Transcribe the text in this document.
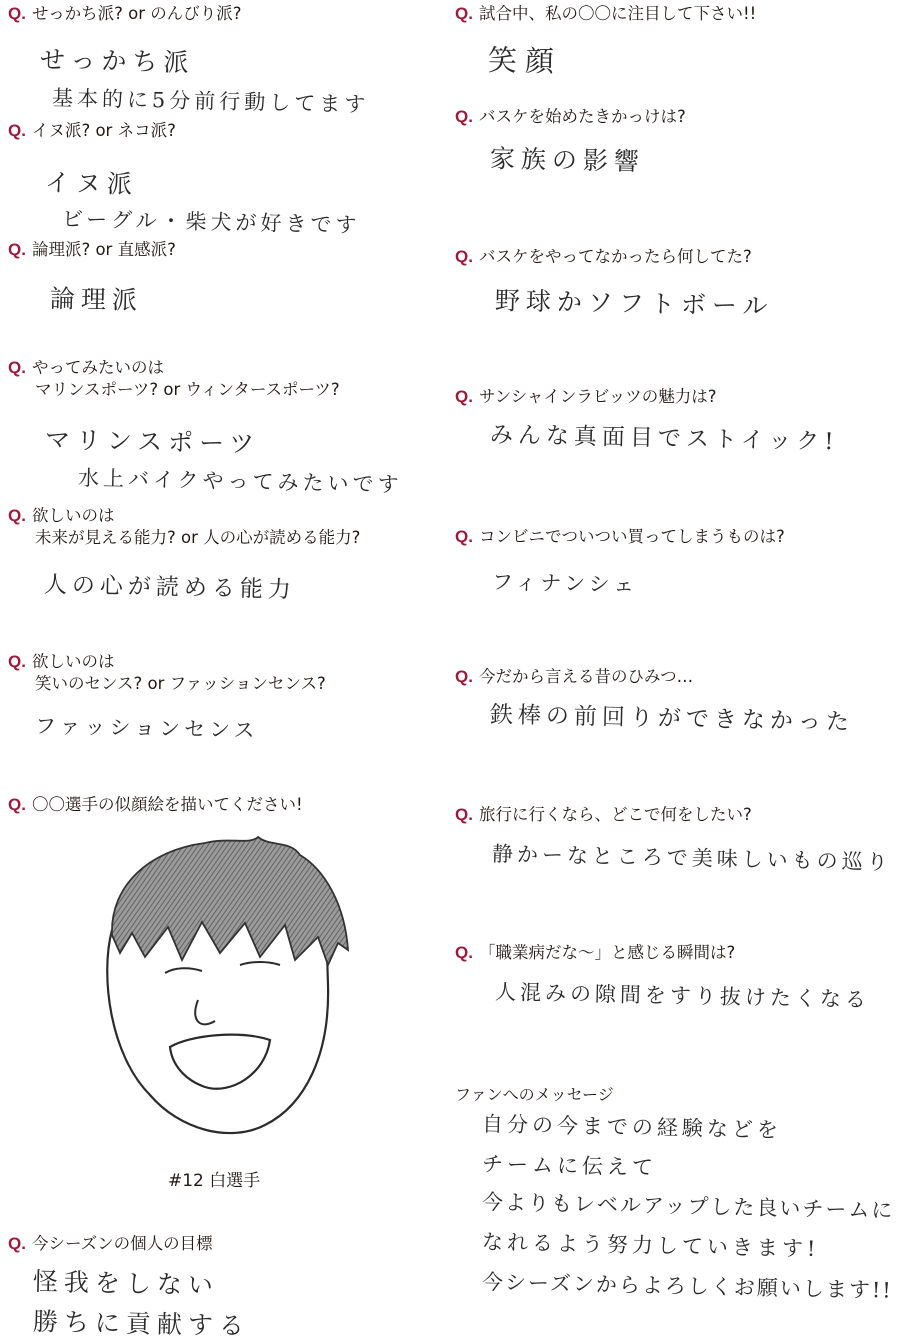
Q. せっかち派? or のんびり派?
せっかち派
基本的に5分前行動してます
Q. イヌ派? or ネコ派?
イヌ派
ビーグル・柴犬が好きです
Q. 論理派? or 直感派?
論理派
Q. やってみたいのは
マリンスポーツ? or ウィンタースポーツ?
マリンスポーツ
水上バイクやってみたいです
Q. 欲しいのは
未来が見える能力? or 人の心が読める能力?
人の心が読める能力
Q. 欲しいのは
笑いのセンス? or ファッションセンス?
ファッションセンス
Q. 〇〇選手の似顔絵を描いてください!
#12 白選手
Q. 今シーズンの個人の目標
怪我をしない
勝ちに貢献する
Q. 試合中、私の〇〇に注目して下さい!!
笑顔
Q. バスケを始めたきかっけは?
家族の影響
Q. バスケをやってなかったら何してた?
野球かソフトボール
Q. サンシャインラビッツの魅力は?
みんな真面目でストイック!
Q. コンビニでついつい買ってしまうものは?
フィナンシェ
Q. 今だから言える昔のひみつ…
鉄棒の前回りができなかった
Q. 旅行に行くなら、どこで何をしたい?
静かーなところで美味しいもの巡り
Q. 「職業病だな〜」と感じる瞬間は?
人混みの隙間をすり抜けたくなる
ファンへのメッセージ
自分の今までの経験などを
チームに伝えて
今よりもレベルアップした良いチームに
なれるよう努力していきます!
今シーズンからよろしくお願いします!!
